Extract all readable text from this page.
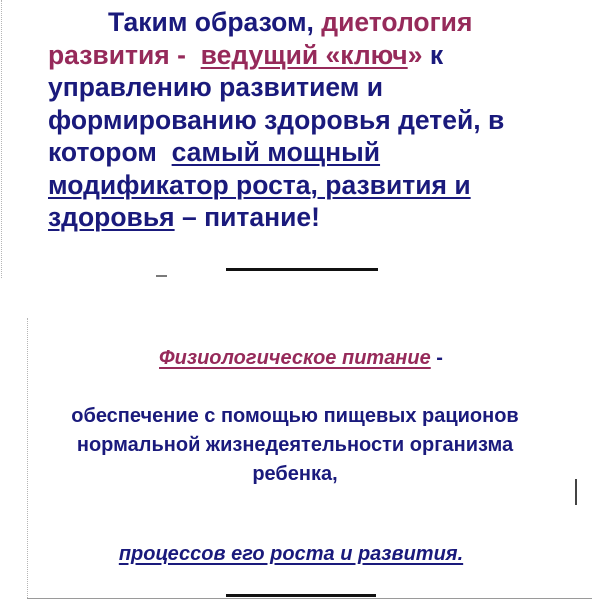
Таким образом, диетология развития - ведущий «ключ» к управлению развитием и формированию здоровья детей, в котором самый мощный модификатор роста, развития и здоровья – питание!
Физиологическое питание -
обеспечение с помощью пищевых рационов нормальной жизнедеятельности организма ребенка,
процессов его роста и развития.
